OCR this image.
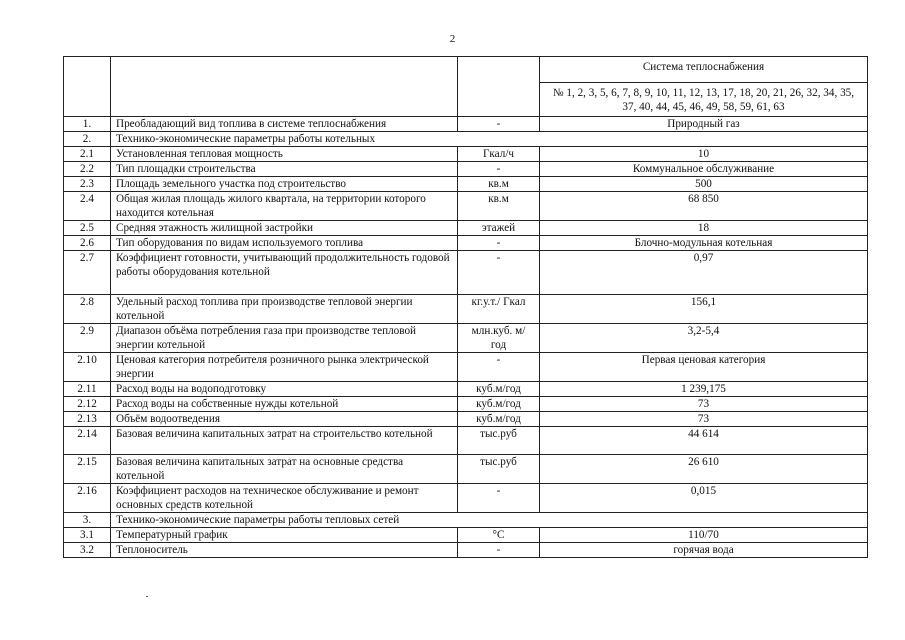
2
			Система теплоснабжения
			№ 1, 2, 3, 5, 6, 7, 8, 9, 10, 11, 12, 13, 17, 18, 20, 21, 26, 32, 34, 35, 37, 40, 44, 45, 46, 49, 58, 59, 61, 63
1.	Преобладающий вид топлива в системе теплоснабжения	-	Природный газ
2.	Технико-экономические параметры работы котельных		
2.1	Установленная тепловая мощность	Гкал/ч	10
2.2	Тип площадки строительства	-	Коммунальное обслуживание
2.3	Площадь земельного участка под строительство	кв.м	500
2.4	Общая жилая площадь жилого квартала, на территории которого находится котельная	кв.м	68 850
2.5	Средняя этажность жилищной застройки	этажей	18
2.6	Тип оборудования по видам используемого топлива	-	Блочно-модульная котельная
2.7	Коэффициент готовности, учитывающий продолжительность годовой работы оборудования котельной	-	0,97
2.8	Удельный расход топлива при производстве тепловой энергии котельной	кг.у.т./ Гкал	156,1
2.9	Диапазон объёма потребления газа при производстве тепловой энергии котельной	млн.куб. м/ год	3,2-5,4
2.10	Ценовая категория потребителя розничного рынка электрической энергии	-	Первая ценовая категория
2.11	Расход воды на водоподготовку	куб.м/год	1 239,175
2.12	Расход воды на собственные нужды котельной	куб.м/год	73
2.13	Объём водоотведения	куб.м/год	73
2.14	Базовая величина капитальных затрат на строительство котельной	тыс.руб	44 614
2.15	Базовая величина капитальных затрат на основные средства котельной	тыс.руб	26 610
2.16	Коэффициент расходов на техническое обслуживание и ремонт основных средств котельной	-	0,015
3.	Технико-экономические параметры работы тепловых сетей		
3.1	Температурный график	°С	110/70
3.2	Теплоноситель	-	горячая вода
